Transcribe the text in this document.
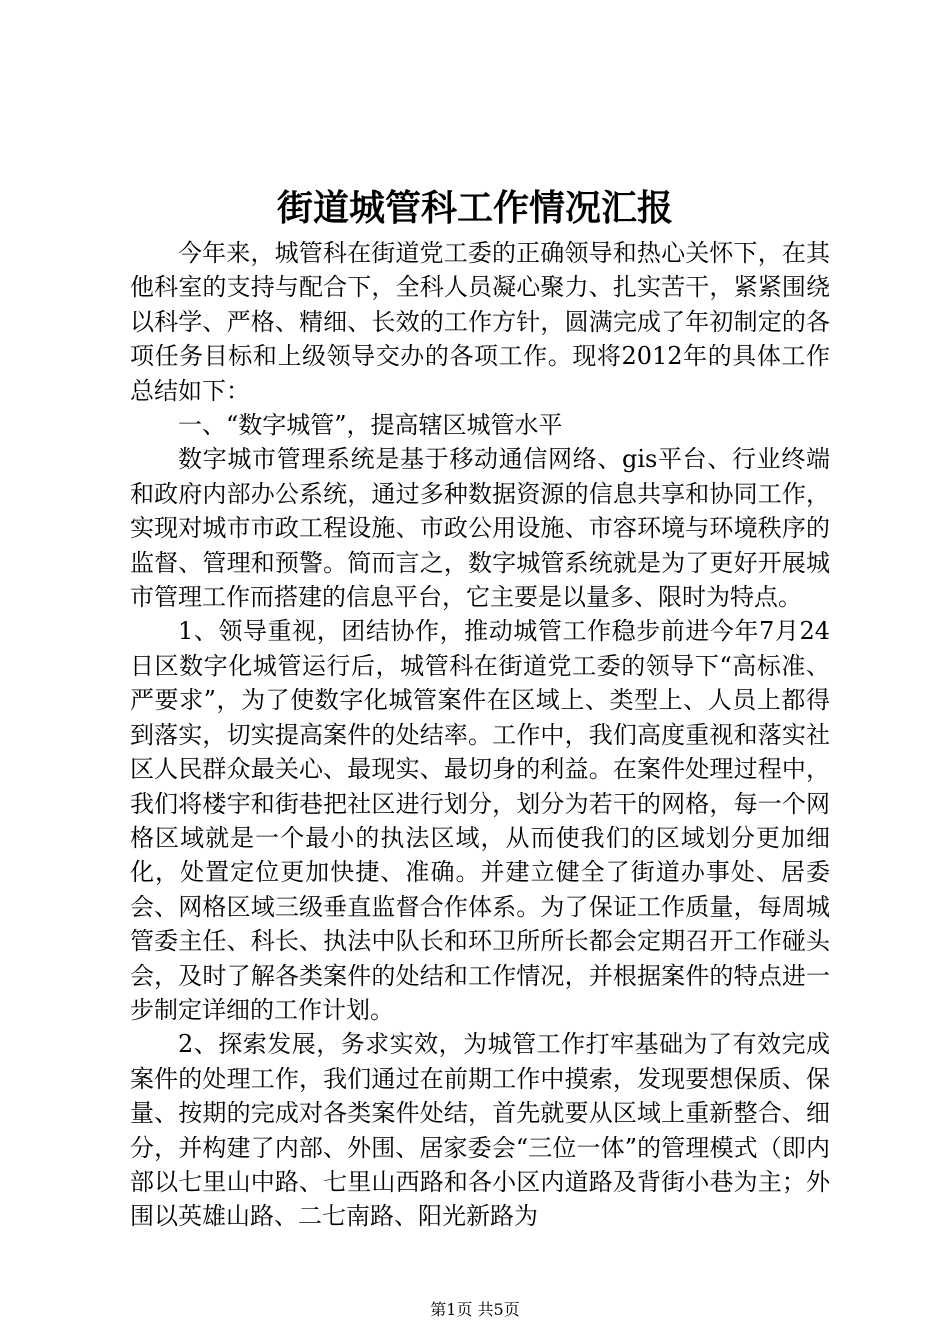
街道城管科工作情况汇报

今年来，城管科在街道党工委的正确领导和热心关怀下，在其他科室的支持与配合下，全科人员凝心聚力、扎实苦干，紧紧围绕以科学、严格、精细、长效的工作方针，圆满完成了年初制定的各项任务目标和上级领导交办的各项工作。现将2012年的具体工作总结如下：

一、“数字城管”，提高辖区城管水平

数字城市管理系统是基于移动通信网络、gis平台、行业终端和政府内部办公系统，通过多种数据资源的信息共享和协同工作，实现对城市市政工程设施、市政公用设施、市容环境与环境秩序的监督、管理和预警。简而言之，数字城管系统就是为了更好开展城市管理工作而搭建的信息平台，它主要是以量多、限时为特点。

1、领导重视，团结协作，推动城管工作稳步前进今年7月24日区数字化城管运行后，城管科在街道党工委的领导下“高标准、严要求”，为了使数字化城管案件在区域上、类型上、人员上都得到落实，切实提高案件的处结率。工作中，我们高度重视和落实社区人民群众最关心、最现实、最切身的利益。在案件处理过程中，我们将楼宇和街巷把社区进行划分，划分为若干的网格，每一个网格区域就是一个最小的执法区域，从而使我们的区域划分更加细化，处置定位更加快捷、准确。并建立健全了街道办事处、居委会、网格区域三级垂直监督合作体系。为了保证工作质量，每周城管委主任、科长、执法中队长和环卫所所长都会定期召开工作碰头会，及时了解各类案件的处结和工作情况，并根据案件的特点进一步制定详细的工作计划。

2、探索发展，务求实效，为城管工作打牢基础为了有效完成案件的处理工作，我们通过在前期工作中摸索，发现要想保质、保量、按期的完成对各类案件处结，首先就要从区域上重新整合、细分，并构建了内部、外围、居家委会“三位一体”的管理模式（即内部以七里山中路、七里山西路和各小区内道路及背街小巷为主；外围以英雄山路、二七南路、阳光新路为

第1页 共5页
